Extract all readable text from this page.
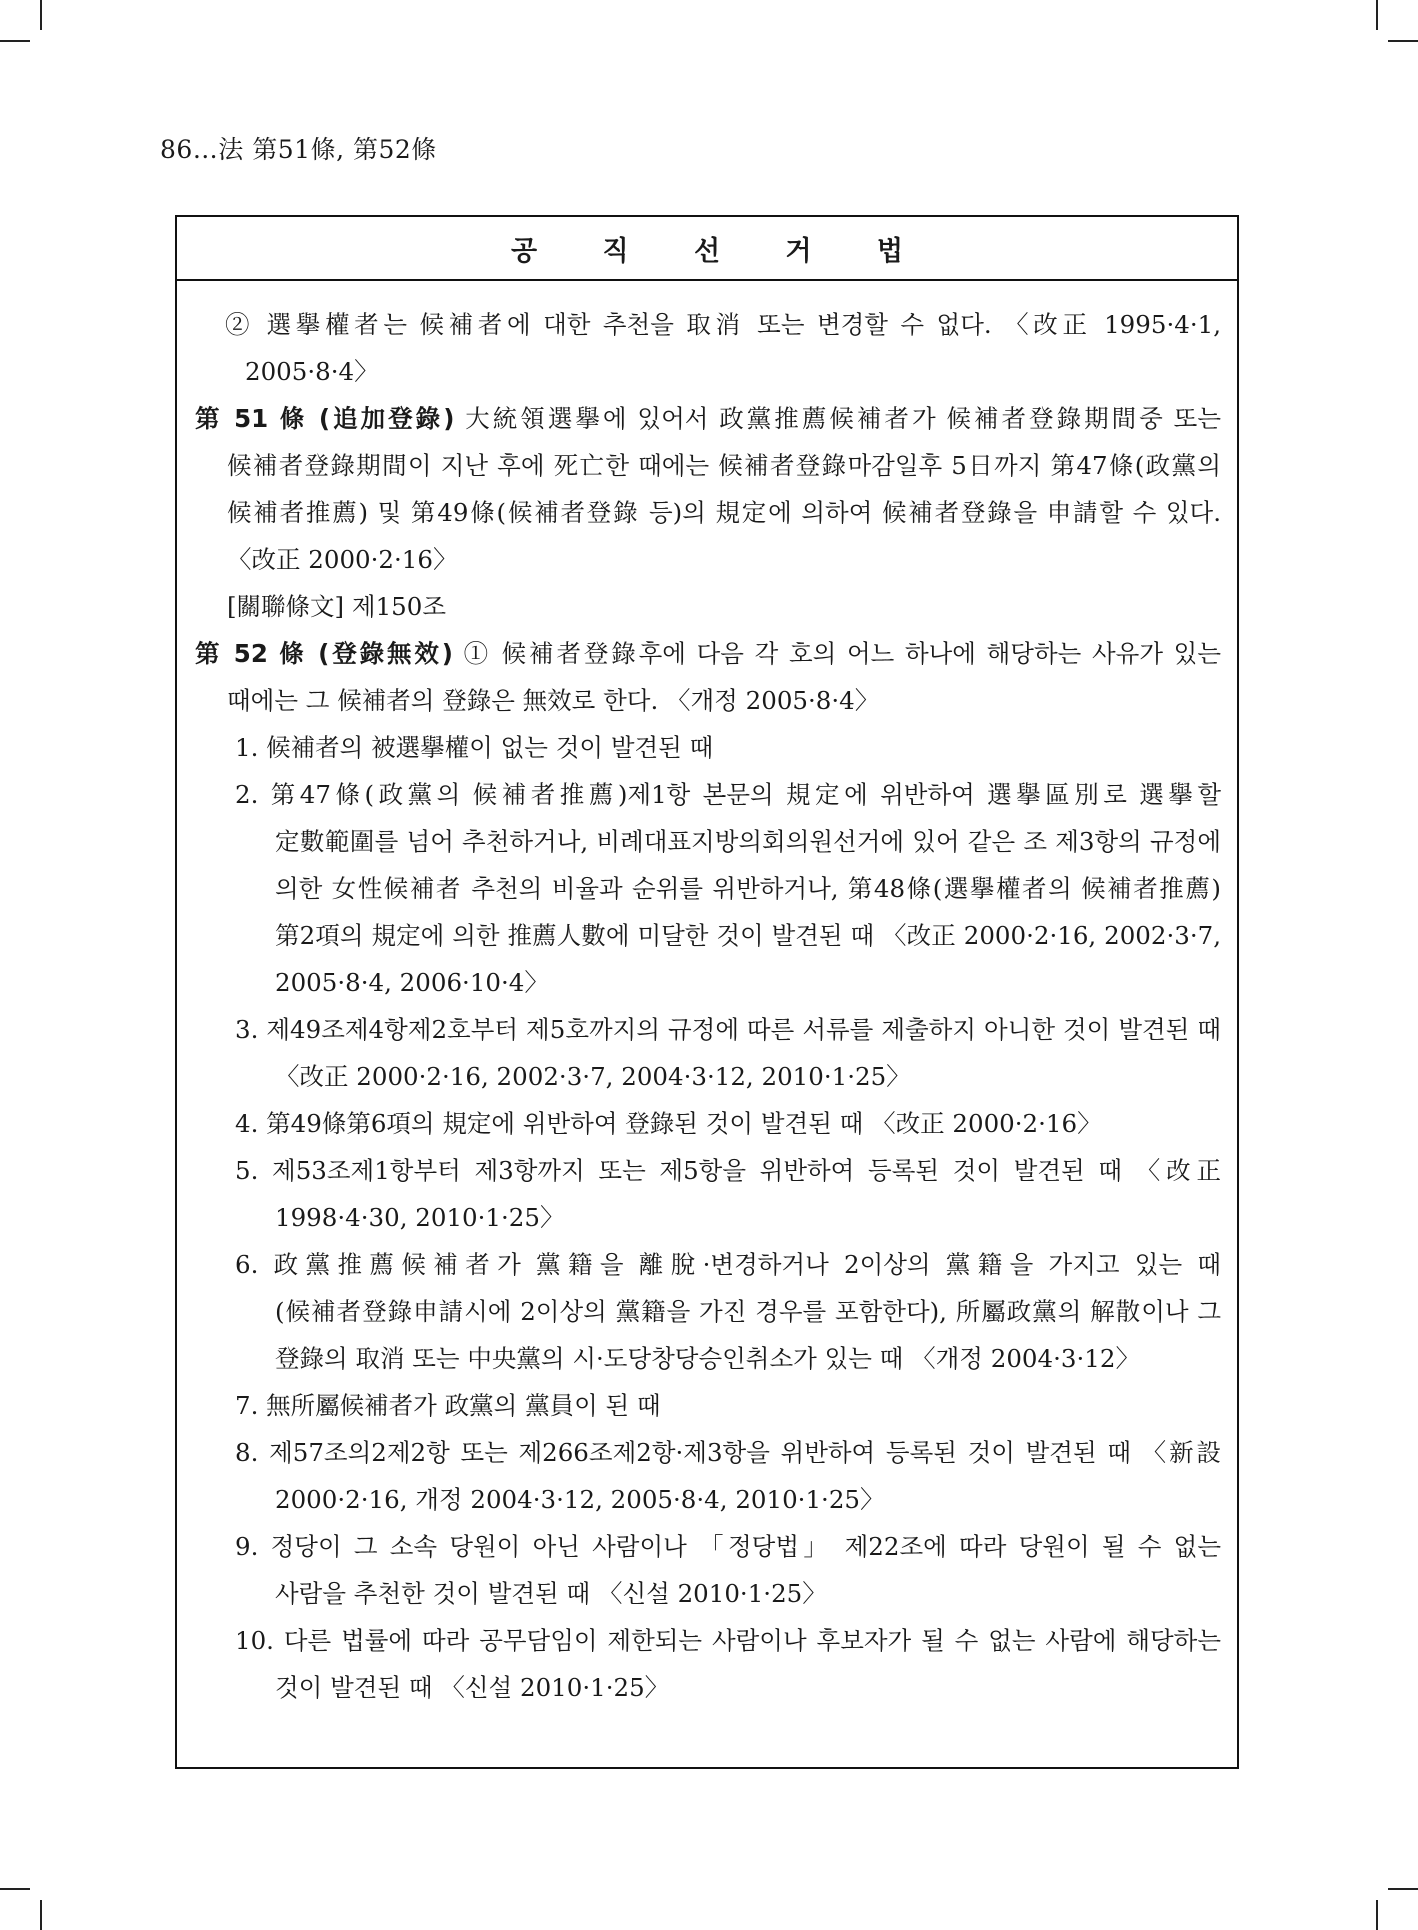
86…法 第51條, 第52條
공 직 선 거 법

② 選擧權者는 候補者에 대한 추천을 取消 또는 변경할 수 없다. 〈改正 1995·4·1, 2005·8·4〉

第 51 條 (追加登錄) 大統領選擧에 있어서 政黨推薦候補者가 候補者登錄期間중 또는 候補者登錄期間이 지난 후에 死亡한 때에는 候補者登錄마감일후 5日까지 第47條(政黨의 候補者推薦) 및 第49條(候補者登錄 등)의 規定에 의하여 候補者登錄을 申請할 수 있다. 〈改正 2000·2·16〉

[關聯條文] 제150조

第 52 條 (登錄無效) ① 候補者登錄후에 다음 각 호의 어느 하나에 해당하는 사유가 있는 때에는 그 候補者의 登錄은 無效로 한다. 〈개정 2005·8·4〉

1. 候補者의 被選擧權이 없는 것이 발견된 때

2. 第47條(政黨의 候補者推薦)제1항 본문의 規定에 위반하여 選擧區別로 選擧할 定數範圍를 넘어 추천하거나, 비례대표지방의회의원선거에 있어 같은 조 제3항의 규정에 의한 女性候補者 추천의 비율과 순위를 위반하거나, 第48條(選擧權者의 候補者推薦)第2項의 規定에 의한 推薦人數에 미달한 것이 발견된 때 〈改正 2000·2·16, 2002·3·7, 2005·8·4, 2006·10·4〉

3. 제49조제4항제2호부터 제5호까지의 규정에 따른 서류를 제출하지 아니한 것이 발견된 때 〈改正 2000·2·16, 2002·3·7, 2004·3·12, 2010·1·25〉

4. 第49條第6項의 規定에 위반하여 登錄된 것이 발견된 때 〈改正 2000·2·16〉

5. 제53조제1항부터 제3항까지 또는 제5항을 위반하여 등록된 것이 발견된 때 〈改正 1998·4·30, 2010·1·25〉

6. 政黨推薦候補者가 黨籍을 離脫·변경하거나 2이상의 黨籍을 가지고 있는 때(候補者登錄申請시에 2이상의 黨籍을 가진 경우를 포함한다), 所屬政黨의 解散이나 그 登錄의 取消 또는 中央黨의 시·도당창당승인취소가 있는 때 〈개정 2004·3·12〉

7. 無所屬候補者가 政黨의 黨員이 된 때

8. 제57조의2제2항 또는 제266조제2항·제3항을 위반하여 등록된 것이 발견된 때 〈新設 2000·2·16, 개정 2004·3·12, 2005·8·4, 2010·1·25〉

9. 정당이 그 소속 당원이 아닌 사람이나 「정당법」 제22조에 따라 당원이 될 수 없는 사람을 추천한 것이 발견된 때 〈신설 2010·1·25〉

10. 다른 법률에 따라 공무담임이 제한되는 사람이나 후보자가 될 수 없는 사람에 해당하는 것이 발견된 때 〈신설 2010·1·25〉
